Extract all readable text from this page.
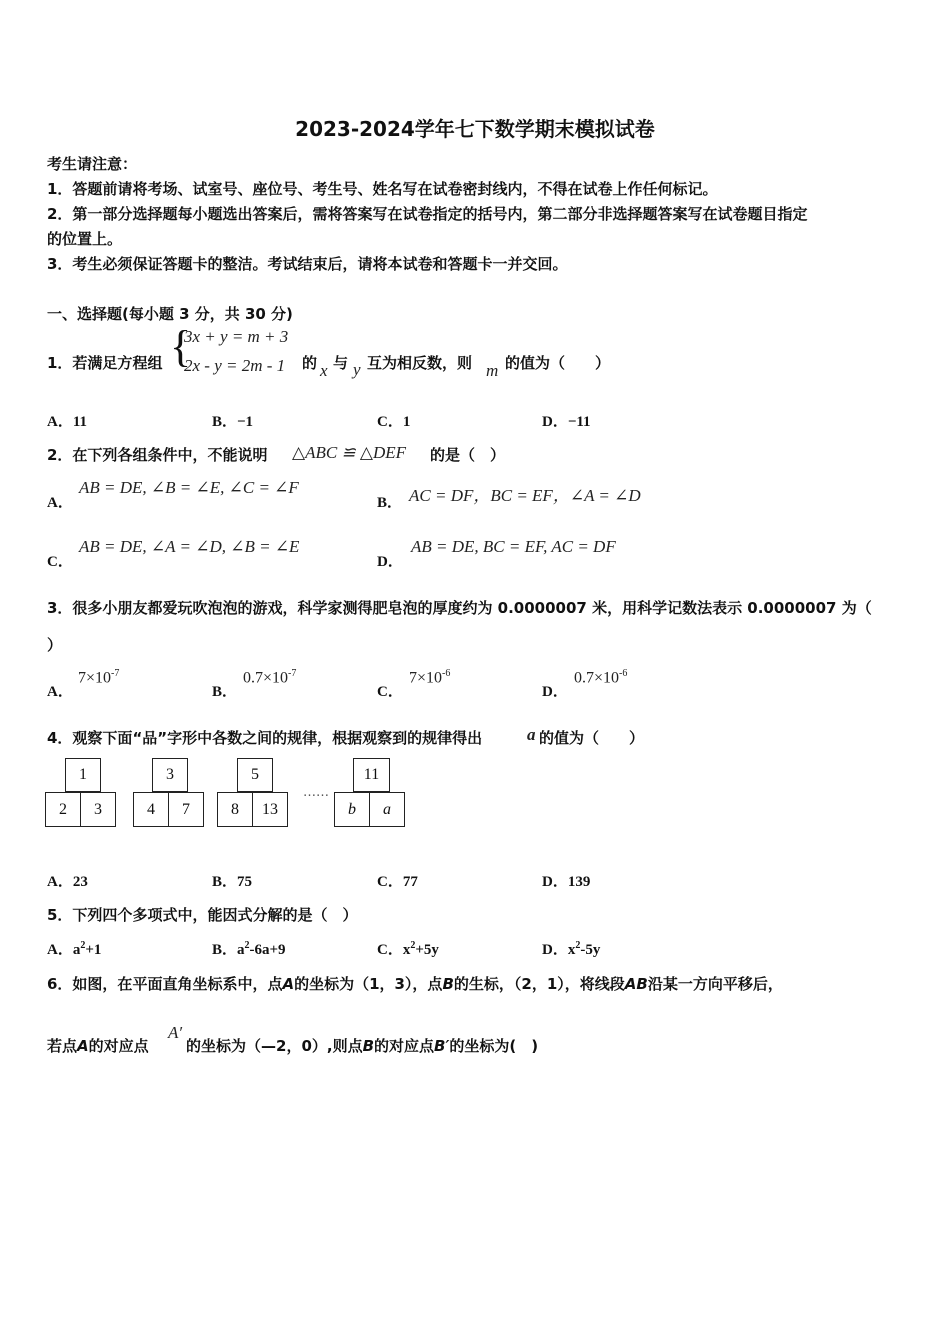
2023-2024学年七下数学期末模拟试卷
考生请注意：
1．答题前请将考场、试室号、座位号、考生号、姓名写在试卷密封线内，不得在试卷上作任何标记。
2．第一部分选择题每小题选出答案后，需将答案写在试卷指定的括号内，第二部分非选择题答案写在试卷题目指定
的位置上。
3．考生必须保证答题卡的整洁。考试结束后，请将本试卷和答题卡一并交回。
一、选择题(每小题 3 分，共 30 分)
1．若满足方程组 {
3x + y = m + 3
2x - y = 2m - 1 的 x 与 y 互为相反数，则 m 的值为（　　）
A．11	B．−1	C．1	D．−11
2．在下列各组条件中，不能说明 △ABC ≌ △DEF 的是（　）
A．
AB = DE, ∠B = ∠E, ∠C = ∠F
B． AC = DF，BC = EF，∠A = ∠D
C．
AB = DE, ∠A = ∠D, ∠B = ∠E
D．
AB = DE, BC = EF, AC = DF
3．很多小朋友都爱玩吹泡泡的游戏，科学家测得肥皂泡的厚度约为 0.0000007 米，用科学记数法表示 0.0000007 为（
）
A．
$7\times 10^{-7}$
B．
$0.7\times 10^{-7}$
C．
$7\times 10^{-6}$
D．
$0.7\times 10^{-6}$
4．观察下面“品”字形中各数之间的规律，根据观察到的规律得出	a 的值为（　　）
1
2	3
3
4	7
5
8	13
……
11
b	a
A．23	B．75	C．77	D．139
5．下列四个多项式中，能因式分解的是（　）
A．$a^2+1$	B．$a^2-6a+9$	C．$x^2+5y$	D．$x^2-5y$
6．如图，在平面直角坐标系中，点A的坐标为（1，3），点B的生标，（2，1），将线段AB沿某一方向平移后，
若点A的对应点
A′
的坐标为（—2，0）,则点B的对应点B′的坐标为(　)
